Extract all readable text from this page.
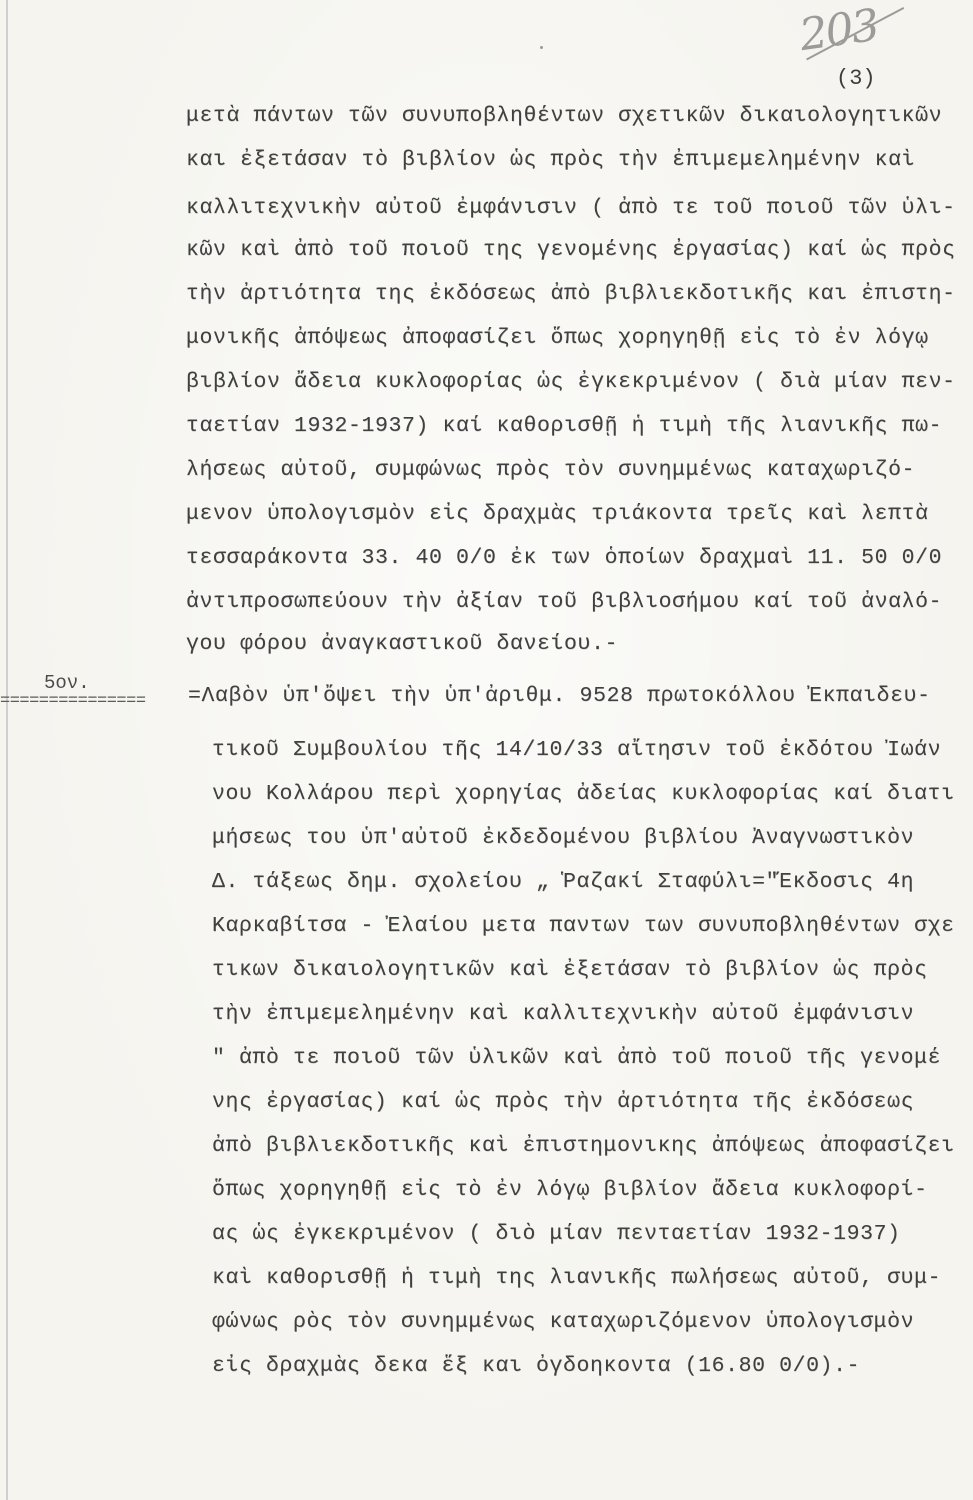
203
(3)
μετὰ πάντων τῶν συνυποβληθέντων σχετικῶν δικαιολογητικῶν
και ἐξετάσαν τὸ βιβλίον ὡς πρὸς τὴν ἐπιμεμελημένην καὶ
καλλιτεχνικὴν αὐτοῦ ἐμφάνισιν ( ἀπὸ τε τοῦ ποιοῦ τῶν ὑλι-
κῶν καὶ ἀπὸ τοῦ ποιοῦ της γενομένης ἐργασίας) καί ὡς πρὸς
τὴν ἀρτιότητα της ἐκδόσεως ἀπὸ βιβλιεκδοτικῆς και ἐπιστη-
μονικῆς ἀπόψεως ἀποφασίζει ὅπως χορηγηθῇ εἰς τὸ ἐν λόγῳ
βιβλίον ἄδεια κυκλοφορίας ὡς ἐγκεκριμένον ( διὰ μίαν πεν-
ταετίαν 1932-1937) καί καθορισθῇ ἡ τιμὴ τῆς λιανικῆς πω-
λήσεως αὐτοῦ, συμφώνως πρὸς τὸν συνημμένως καταχωριζό-
μενον ὑπολογισμὸν εἰς δραχμὰς τριάκοντα τρεῖς καὶ λεπτὰ
τεσσαράκοντα 33. 40 0/0 ἐκ των ὁποίων δραχμαὶ 11. 50 0/0
ἀντιπροσωπεύουν τὴν ἀξίαν τοῦ βιβλιοσήμου καί τοῦ ἀναλό-
γου φόρου ἀναγκαστικοῦ δανείου.-
5ον.
=============== =Λαβὸν ὑπ'ὄψει τὴν ὑπ'ἀριθμ. 9528 πρωτοκόλλου Ἐκπαιδευ-
τικοῦ Συμβουλίου τῆς 14/10/33 αἴτησιν τοῦ ἐκδότου Ἰωάν
νου Κολλάρου περὶ χορηγίας ἀδείας κυκλοφορίας καί διατι
μήσεως του ὑπ'αὐτοῦ ἐκδεδομένου βιβλίου Ἀναγνωστικὸν
Δ. τάξεως δημ. σχολείου „ Ῥαζακί Σταφύλι="Ἔκδοσις 4η
Καρκαβίτσα - Ἐλαίου μετα παντων των συνυποβληθέντων σχε
τικων δικαιολογητικῶν καὶ ἐξετάσαν τὸ βιβλίον ὡς πρὸς
τὴν ἐπιμεμελημένην καὶ καλλιτεχνικὴν αὐτοῦ ἐμφάνισιν
" ἀπὸ τε ποιοῦ τῶν ὑλικῶν καὶ ἀπὸ τοῦ ποιοῦ τῆς γενομέ
νης ἐργασίας) καί ὡς πρὸς τὴν ἀρτιότητα τῆς ἐκδόσεως
ἀπὸ βιβλιεκδοτικῆς καὶ ἐπιστημονικης ἀπόψεως ἀποφασίζει
ὅπως χορηγηθῇ εἰς τὸ ἐν λόγῳ βιβλίον ἄδεια κυκλοφορί-
ας ὡς ἐγκεκριμένον ( διὸ μίαν πενταετίαν 1932-1937)
καὶ καθορισθῇ ἡ τιμὴ της λιανικῆς πωλήσεως αὐτοῦ, συμ-
φώνως ρὸς τὸν συνημμένως καταχωριζόμενον ὑπολογισμὸν
εἰς δραχμὰς δεκα ἕξ και ὀγδοηκοντα (16.80 0/0).-
